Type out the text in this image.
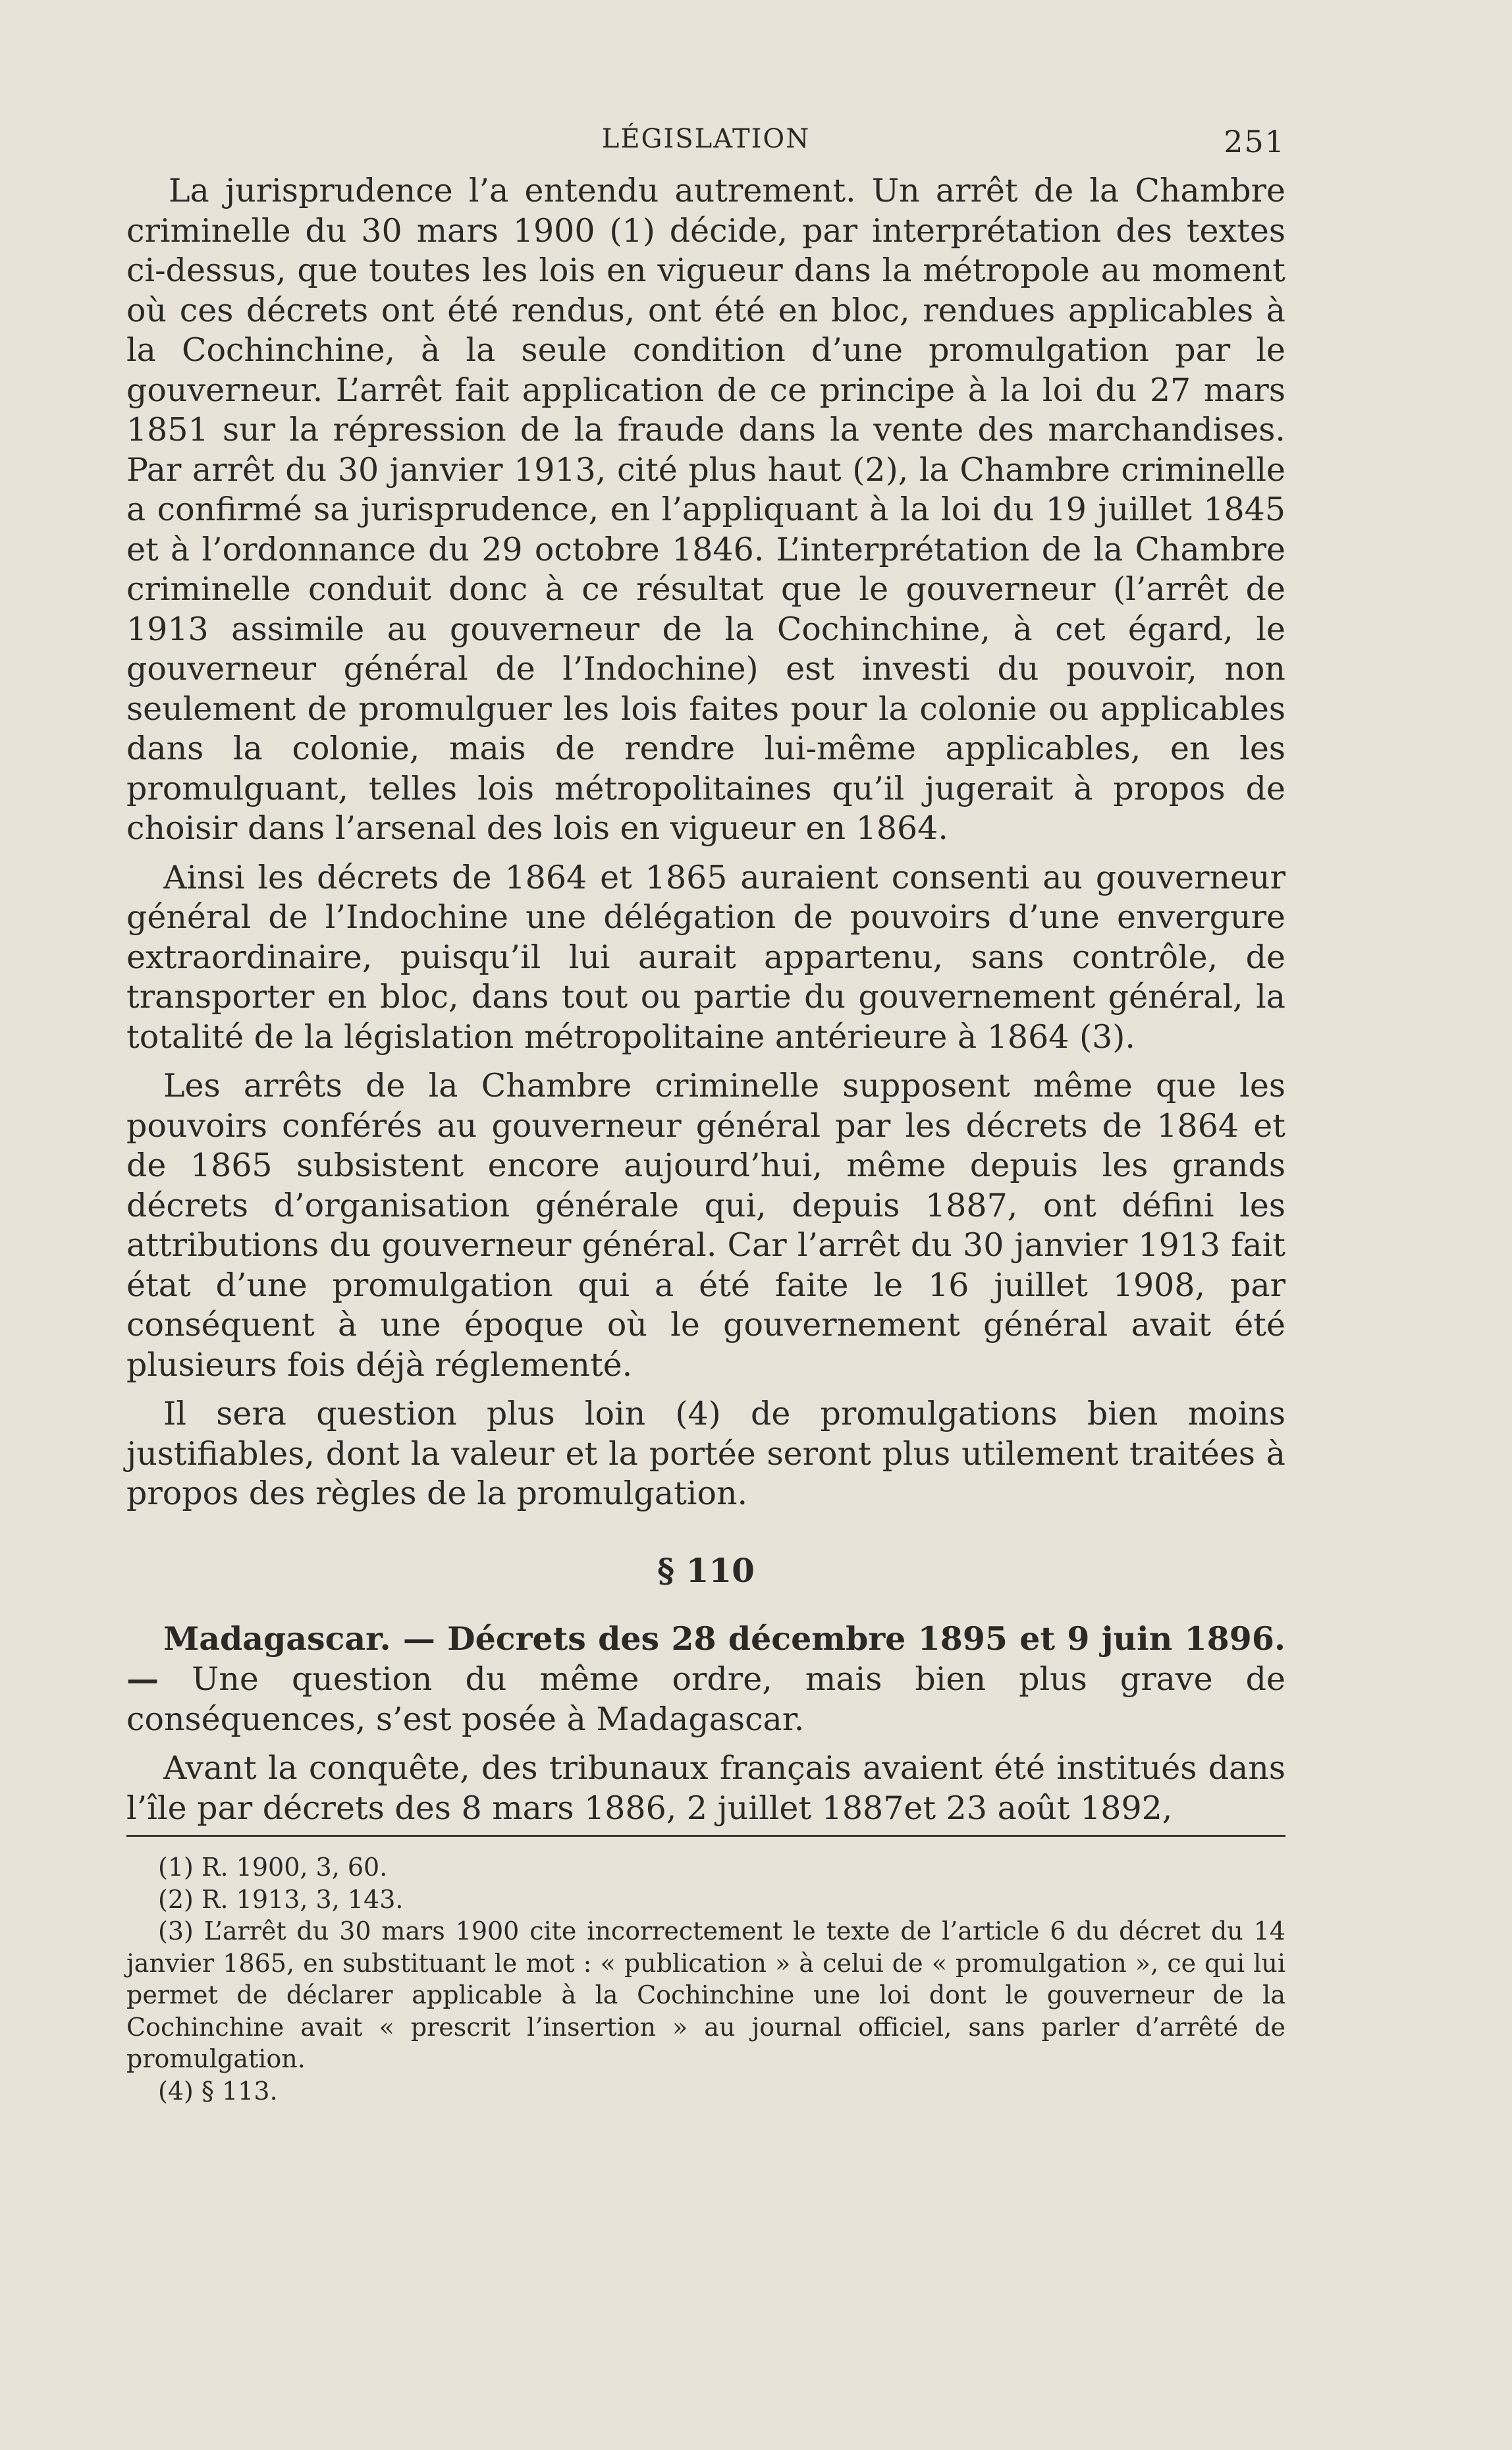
LÉGISLATION	251

La jurisprudence l’a entendu autrement. Un arrêt de la Chambre criminelle du 30 mars 1900 (1) décide, par interprétation des textes ci-dessus, que toutes les lois en vigueur dans la métropole au moment où ces décrets ont été rendus, ont été en bloc, rendues applicables à la Cochinchine, à la seule condition d’une promulgation par le gouverneur. L’arrêt fait application de ce principe à la loi du 27 mars 1851 sur la répression de la fraude dans la vente des marchandises. Par arrêt du 30 janvier 1913, cité plus haut (2), la Chambre criminelle a confirmé sa jurisprudence, en l’appliquant à la loi du 19 juillet 1845 et à l’ordonnance du 29 octobre 1846. L’interprétation de la Chambre criminelle conduit donc à ce résultat que le gouverneur (l’arrêt de 1913 assimile au gouverneur de la Cochinchine, à cet égard, le gouverneur général de l’Indochine) est investi du pouvoir, non seulement de promulguer les lois faites pour la colonie ou applicables dans la colonie, mais de rendre lui-même applicables, en les promulguant, telles lois métropolitaines qu’il jugerait à propos de choisir dans l’arsenal des lois en vigueur en 1864.

Ainsi les décrets de 1864 et 1865 auraient consenti au gouverneur général de l’Indochine une délégation de pouvoirs d’une envergure extraordinaire, puisqu’il lui aurait appartenu, sans contrôle, de transporter en bloc, dans tout ou partie du gouvernement général, la totalité de la législation métropolitaine antérieure à 1864 (3).

Les arrêts de la Chambre criminelle supposent même que les pouvoirs conférés au gouverneur général par les décrets de 1864 et de 1865 subsistent encore aujourd’hui, même depuis les grands décrets d’organisation générale qui, depuis 1887, ont défini les attributions du gouverneur général. Car l’arrêt du 30 janvier 1913 fait état d’une promulgation qui a été faite le 16 juillet 1908, par conséquent à une époque où le gouvernement général avait été plusieurs fois déjà réglementé.

Il sera question plus loin (4) de promulgations bien moins justifiables, dont la valeur et la portée seront plus utilement traitées à propos des règles de la promulgation.

§ 110

Madagascar. — Décrets des 28 décembre 1895 et 9 juin 1896. — Une question du même ordre, mais bien plus grave de conséquences, s’est posée à Madagascar.

Avant la conquête, des tribunaux français avaient été institués dans l’île par décrets des 8 mars 1886, 2 juillet 1887et 23 août 1892,

(1) R. 1900, 3, 60.

(2) R. 1913, 3, 143.

(3) L’arrêt du 30 mars 1900 cite incorrectement le texte de l’article 6 du décret du 14 janvier 1865, en substituant le mot : « publication » à celui de « promulgation », ce qui lui permet de déclarer applicable à la Cochinchine une loi dont le gouverneur de la Cochinchine avait « prescrit l’insertion » au journal officiel, sans parler d’arrêté de promulgation.

(4) § 113.
